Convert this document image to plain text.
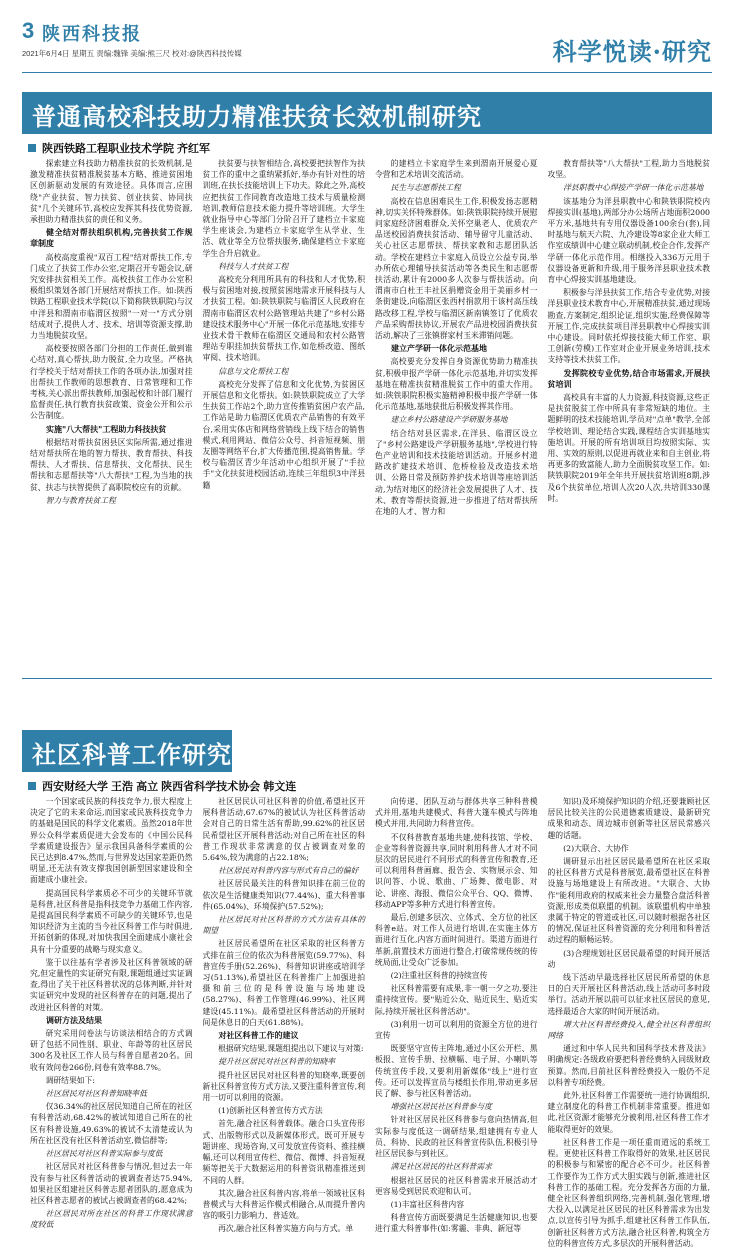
3 陕西科技报
2021年6月4日 星期五 责编:魏锋 美编:熊三尺 校对:@陕西科技传媒	科学悦读·研究
普通高校科技助力精准扶贫长效机制研究
陕西铁路工程职业技术学院 齐红军

探索建立科技助力精准扶贫的长效机制,是激发精准扶贫精准脱贫基本方略、推进贫困地区创新驱动发展的有效途径。具体而言,应围绕"产业扶贫、智力扶贫、创业扶贫、协同扶贫"几个关键环节,高校应发挥其科技优势资源,承担助力精准扶贫的责任和义务。

健全结对帮扶组织机构,完善扶贫工作规章制度

高校高度重视"双百工程"结对帮扶工作,专门成立了扶贫工作办公室,定期召开专题会议,研究安排扶贫相关工作。高校扶贫工作办公室积极组织策划各部门开展结对帮扶工作。如:陕西铁路工程职业技术学院(以下简称陕铁职院)与汉中洋县和渭南市临渭区按照"一对一"方式分别结成对子,提供人才、技术、培训等资源支撑,助力当地脱贫攻坚。

高校要按照各部门分担的工作责任,做到谁心结对,真心帮扶,助力脱贫,全力攻坚。严格执行学校关于结对帮扶工作的各项办法,加强对挂出帮扶工作教师的思想教育、日常管理和工作考核,关心派出帮扶教师,加强起校和计部门履行监督责任,执行教育扶贫政策、资金公开和公示公告制度。

实施"八大帮扶"工程助力科技扶贫

根据结对帮扶贫困县区实际所需,通过推进结对帮扶所在地的智力帮扶、教育帮扶、科技帮扶、人才帮扶、信息帮扶、文化帮扶、民生帮扶和志愿帮扶等"八大帮扶"工程,为当地的扶贫、扶志与扶智提供了高职院校应有的贡献。

智力与教育扶贫工程

扶贫要与扶智相结合,高校要把扶智作为扶贫工作的重中之重纳紧抓好,举办有针对性的培训班,在扶长技能培训上下功夫。除此之外,高校应把扶贫工作同教育改造地工技术与质量检测培训,教师信息技术能力提升等培训班。大学生就业指导中心等部门分阶召开了建档立卡家庭学生座谈会,为建档立卡家庭学生从学业、生活、就业等全方位帮扶服务,确保建档立卡家庭学生合升启就业。

科技与人才扶贫工程

高校充分利用所具有的科技和人才优势,积极与贫困地对接,按照贫困地需求开展科技与人才扶贫工程。如:陕铁职院与临渭区人民政府在渭南市临渭区农村公路管理站共建了"乡村公路建设技术服务中心"开展一体化示范基地,安排专业技术骨干教师在临渭区交通局和农村公路管理站专职挂加扶贫帮扶工作,如危桥改造、图纸审阅、技术培训。

信息与文化帮扶工程

高校充分发挥了信息和文化优势,为贫困区开展信息和文化帮扶。如:陕铁职院成立了大学生扶贫工作站2个,助力宣传推销贫困户农产品,工作站是助力临渭区优质农产品销售的有效平台,采用实体店和网络营销线上线下结合的销售模式,利用网站、微信公众号、抖音短视频、朋友圈等网络平台,扩大传播范围,提高销售量。学校与临渭区青少年活动中心组织开展了"手拉手"文化扶贫进校园活动,连续三年组织3中洋县籍

的建档立卡家庭学生来到渭南开展爱心夏令营和艺术培训交流活动。

民生与志愿帮扶工程

高校在信息困难民生工作,积极发扬志愿精神,切实关怀特殊群体。如:陕铁职院持续开展慰问家庭经济困难群众,关怀空巢老人、优质农产品送校园消费扶贫活动、辅导留守儿童活动、关心社区志愿帮扶、帮扶家教和志愿团队活动。学校在建档立卡家庭入员设立公益专岗,举办所依心理辅导扶贫活动等各类民生和志愿帮扶活动,累计有2000多人次参与帮扶活动。向渭南市白杜王丰社区捐赠资金用于美丽乡村一条街建设,向临渭区张西村捐款用于该村高压线路改移工程,学校与临渭区新南镇签订了优质农产品采购帮扶协议,开展农产品进校园消费扶贫活动,解决了三张镇群家村玉米滞销问题。

建立产学研一体化示范基地

高校要充分发挥自身资源优势助力精准扶贫,积极申报产学研一体化示范基地,并切实发挥基地在精准扶贫精准脱贫工作中的重大作用。如:陕铁职院积极实施精神积极申报产学研一体化示范基地,基地获批后积极发挥其作用。

建立乡村公路建设产学研服务基地

结合结对县区需求,在洋县、临渭区设立了"乡村公路建设产学研服务基地",学校进行特色产业培训和技术技能培训活动。开展乡村道路改扩建技术培训、危桥检验及改造技术培训、公路日常及预防养护技术培训等座培训活动,为结对地区的经济社会发展提供了人才、技术、教育等帮扶资源,进一步推进了结对帮扶所在地的人才、智力和

教育帮扶等"八大帮扶"工程,助力当地脱贫攻坚。

洋县职教中心焊接产学研一体化示范基地

该基地分为洋县职教中心和陕铁职院校内焊接实训(基地),两部分办公场所占地面积2000平方米,基地共有专用仪器设备100余台(套),同时基地与航天六院、九冷建设等8家企业大师工作室成绩训中心建立联动机制,校企合作,发挥产学研一体化示范作用。相继投入336万元用于仪器设备更新和升级,用于服务洋县职业技术教育中心焊接实训基地建设。

积极参与洋县扶贫工作,结合专业优势,对接洋县职业技术教育中心,开展精准扶贫,通过现场勘查,方案制定,组织论证,组织实施,经费保障等开展工作,完成扶贫项目洋县职教中心焊接实训中心建设。同时依托焊接技能大师工作室、职工创新(劳模)工作室对企业开展业务培训,技术支持等技术扶贫工作。

发挥院校专业优势,结合市场需求,开展扶贫培训

高校具有丰富的人力资源,科技资源,这些正是扶贫脱贫工作中所具有非常短缺的地位。主题鲜明的技术技能培训,学员对"点单"教学,全部学校培训、理论结合实践,课程结合实训基地实施培训。开展的所有培训项目均按照实际、实用、实效的原则,以促进再就业来和自主创业,将再更多的致富能人,助力全面脱贫攻坚工作。如:陕铁职院2019年全年共开展扶贫培训班8期,涉及6个扶贫单位,培训人次20人次,共培训330课时。

社区科普工作研究
西安财经大学 王浩 高立 陕西省科学技术协会 韩文连

一个国家或民族的科技竞争力,很大程度上决定了它的未来命运,而国家或民族科技竞争力的基础是国民的科学文化素质。虽然2018年世界公众科学素质促进大会发布的《中国公民科学素质建设报告》显示我国具备科学素质的公民已达到8.47%,然而,与世界发达国家差距仍然明显,还无法有效支撑我国创新型国家建设和全面建成小康社会。

提高国民科学素质必不可少的关键环节就是科普,社区科普是指科技竞争力基础工作内容,是提高国民科学素质不可缺少的关键环节,也是知识经济为主流的当今社区科普工作与时俱进,开拓创新的体现,对加快我国全面建成小康社会具有十分重要的战略与现实意义。

鉴于以往基有学者涉及社区科普领域的研究,但定量性的实证研究有限,课题组通过实证调查,得出了关于社区科普状况的总体判断,并针对实证研究中发现的社区科普存在的问题,提出了改进社区科普的对策。

调研方法及结果

研究采用问卷法与访谈法相结合的方式调研了包括不同性别、职业、年龄等的社区居民300名及社区工作人员与科普自愿者20名。回收有效问卷266份,问卷有效率88.7%。

调研结果如下:

社区居民对社区科普知晓率低

仅36.34%的社区居民知道自己所在的社区有科普活动,68.42%的被试知道自己所在的社区有科普设施,49.63%的被试不太清楚或认为所在社区没有社区科普活动室,微信群等;

社区居民对社区科普实际参与度低

社区居民对社区科普参与情况,但过去一年没有参与社区科普活动的被调查者达75.94%,如果社区组建社区科普志愿者团队的,愿意成为社区科普志愿者的被试占被调查者的68.42%;

社区居民对所在社区的科普工作现状满意度较低

社区居民认可社区科普的价值,希望社区开展科普活动,67.67%的被试认为社区科普活动会对自己的日常生活有帮助,99.62%的社区居民希望社区开展科普活动;对自己所在社区的科普工作现状非常满意的仅占被调查对象的5.64%,较为满意的占22.18%;

社区居民对科普内容与形式有自己的偏好

社区居民最关注的科普知识排在前三位的依次是生活健康类知识(77.44%)、重大科普事件(65.04%)、环境保护(57.52%);

社区居民对社区科普的方式方法有具体的期望

社区居民希望所在社区采取的社区科普方式排在前三位的依次为科普展览(59.77%)、科普宣传手册(52.26%)、科普知识讲座或培训学习(51.13%),希望社区在科普推广上加强进拍摄和前三位的是科普设施与场地建设(58.27%)、科普工作管理(46.99%)、社区网建设(45.11%)。最希望社区科普活动的开展时间是休息日的白天(61.88%)。

对社区科普工作的建议

根据研究结果,课题组提出以下建议与对策:

提升社区居民对社区科普的知晓率

提升社区居民对社区科普的知晓率,既要创新社区科普宣传方式方法,又要注重科普宣传,利用一切可以利用的资源。

(1)创新社区科普宣传方式方法

首先,融合社区科普载体。融合口头宣传形式、出版物形式以及新媒体形式。既可开展专题讲座、现场咨询,又可发放宣传资料、推挂横幅,还可以利用宣传栏、微信、微博、抖音短视频等把关于大数据运用的科普资讯精准推送到不同的人群。

其次,融合社区科普内容,将单一领域社区科普模式与大科普运作模式相融合,从而提升普内容的吸引力影响力、普适效。

再次,融合社区科普实施方向与方式。单

向传递、团队互动与群体共享三种科普模式并用,基地共建模式、科普大篷车模式与阵地模式并用,共同助力科普宣传。

不仅科普教育基地共建,使科技馆、学校、企业等科普资源共享,同时利用科普人才对不同层次的居民进行不同形式的科普宣传和教育,还可以利用科普画廊、报告会、实物展示会、知识问答、小说、歌曲、广场舞、微电影、对论、讲座、海报、微信公众平台、QQ、微博、移动APP等多种方式进行科普宣传。

最后,创建多层次、立体式、全方位的社区科普e站。对工作人员进行培训,在实施主体方面进行互化,内容方面时间进行。渠道方面进行革新,前置技术方面进行整合,打破常规传统的传统局面,让受众广泛参加。

(2)注重社区科普的持续宣传

社区科普需要有成果,非一朝一夕之功,要注重持续宣传。要"贴近公众、贴近民生、贴近实际,持续开展社区科普活动"。

(3)利用一切可以利用的资源全方位的进行宣传

既要坚守宣传主阵地,通过小区公开栏、黑板报、宣传手册、拉横幅、电子屏、小喇叭等传统宣传手段,又要利用新媒体"线上"进行宣传。还可以发挥宣员与楼组长作用,带动更多居民了解、参与社区科普活动。

增强社区居民社区科普参与度

针对社区居民社区科普参与意向热情高,但实际参与度低这一调研结果,组建拥有专业人员、科协、民政的社区科普宣传队伍,积极引导社区居民参与到社区。

满足社区居民的社区科普需求

根据社区居民的社区科普需求开展活动才更容易受到居民欢迎和认可。

(1)丰富社区科普内容

科普宣传方面既要满足生活健康知识,也要进行重大科普事件(如:雾霾、非典、新冠等

知识)及环境保护知识的介绍,还要兼顾社区居民比较关注的公民道德素质建设、最新研究成果和动态、周边城市创新等社区居民常感兴趣的话题。

(2)大联合、大协作

调研显示出社区居民最希望所在社区采取的社区科普方式是科普展览,最希望社区在科普设施与场地建设上有所改进。"大联合、大协作"能利用政府的权威来社会力量整合盘活科普资源,形成类似联盟的机制。该联盟机构中单独隶属于特定的管道或社区,可以随时根据各社区的情况,保证社区科普资源的充分利用和科普活动过程的顺畅运转。

(3)合理规划社区居民最希望的时间开展活动

线下活动早最选择社区居民所希望的休息日的白天开展社区科普活动,线上活动可多时段举行。活动开展以前可以征求社区居民的意见,选择最适合大家的时间开展活动。

增大社区科普经费投入,健全社区科普组织网络

通过和中华人民共和国科学技术普及法》明确规定:各级政府要把科普经费纳入同级财政预算。然而,目前社区科普经费投入一般仍不足以科普专项经费。

此外,社区科普工作需要统一进行协调组织,建立制度化的科普工作机制非常重要。推进如此,社区资源才能够充分被利用,社区科普工作才能取得更好的效果。

社区科普工作是一项任重而道远的系统工程。更使社区科普工作取得好的效果,社区居民的积极参与和紧密的配合必不可少。社区科普工作要作为工作方式大胆实践与创新,推进社区科普工作的基础工程。充分发挥各方面的力量,健全社区科普组织网络,完善机制,强化管理,增大投入,以满足社区居民的社区科普需求为出发点,以宣传引导为抓手,组建社区科普工作队伍,创新社区科普方式方法,融合社区科普,构筑全方位的科普宣传方式,多层次的开展科普活动。
